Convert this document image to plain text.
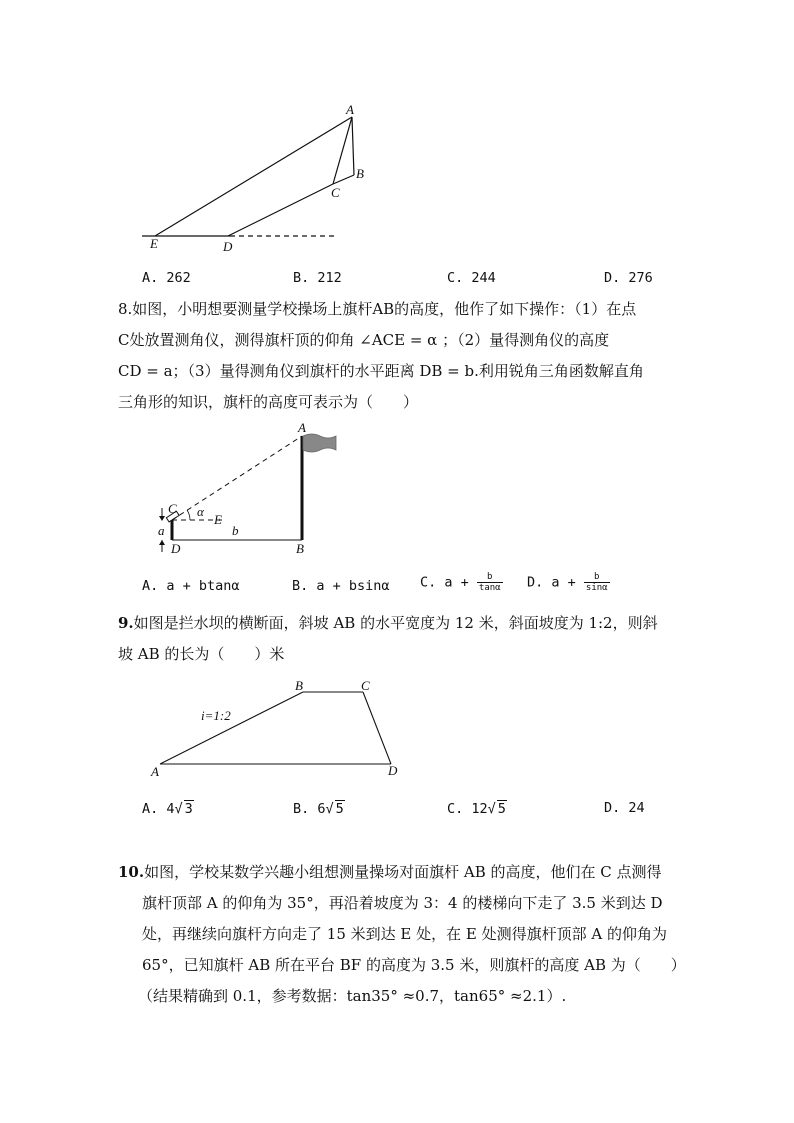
A
B
C
D
E
A. 262	B. 212	C. 244	D. 276
8.如图，小明想要测量学校操场上旗杆AB的高度，他作了如下操作：（1）在点
C处放置测角仪，测得旗杆顶的仰角 ∠ACE = α ；（2）量得测角仪的高度
CD = a；（3）量得测角仪到旗杆的水平距离 DB = b.利用锐角三角函数解直角
三角形的知识，旗杆的高度可表示为（　　）
A
B
C
D
E
α
a	b
A. a + btanα	B. a + bsinα C. $a + \frac{b}{\tan\alpha} D$. $a + \frac{b}{\sin\alpha}$
9.如图是拦水坝的横断面，斜坡 AB 的水平宽度为 12 米，斜面坡度为 1:2，则斜
坡 AB 的长为（　　）米
A
B	C
D
i=1:2
A. 4√ 3	B. 6√ 5	C. 12√ 5	D. 24
10.如图，学校某数学兴趣小组想测量操场对面旗杆 AB 的高度，他们在 C 点测得
旗杆顶部 A 的仰角为 35°，再沿着坡度为 3：4 的楼梯向下走了 3.5 米到达 D
处，再继续向旗杆方向走了 15 米到达 E 处，在 E 处测得旗杆顶部 A 的仰角为
65°，已知旗杆 AB 所在平台 BF 的高度为 3.5 米，则旗杆的高度 AB 为（　　）
（结果精确到 0.1，参考数据：tan35° ≈0.7，tan65° ≈2.1）.
